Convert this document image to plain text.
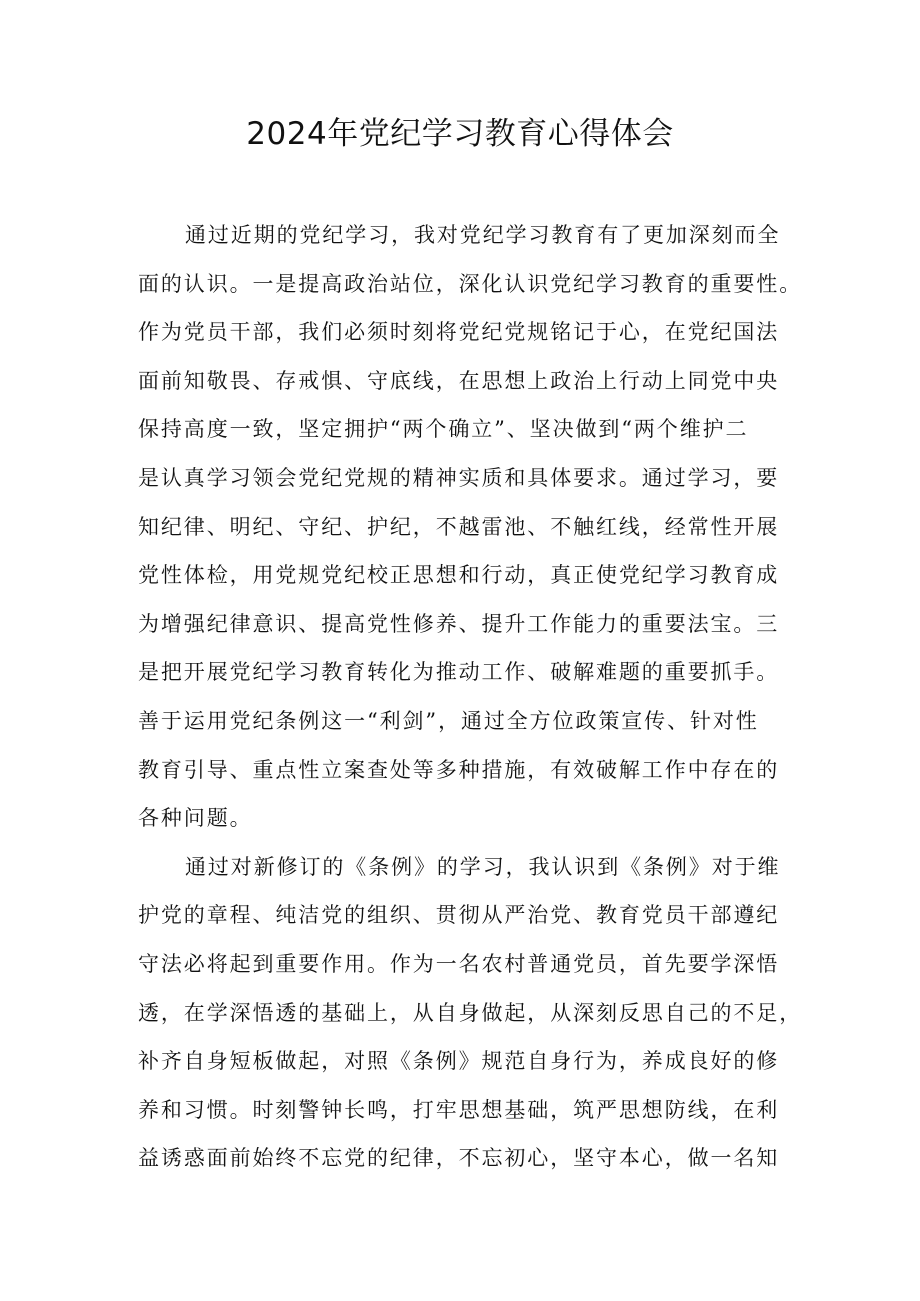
2024年党纪学习教育心得体会
通过近期的党纪学习，我对党纪学习教育有了更加深刻而全
面的认识。一是提高政治站位，深化认识党纪学习教育的重要性。
作为党员干部，我们必须时刻将党纪党规铭记于心，在党纪国法
面前知敬畏、存戒惧、守底线，在思想上政治上行动上同党中央
保持高度一致，坚定拥护“两个确立”、坚决做到“两个维护二
是认真学习领会党纪党规的精神实质和具体要求。通过学习，要
知纪律、明纪、守纪、护纪，不越雷池、不触红线，经常性开展
党性体检，用党规党纪校正思想和行动，真正使党纪学习教育成
为增强纪律意识、提高党性修养、提升工作能力的重要法宝。三
是把开展党纪学习教育转化为推动工作、破解难题的重要抓手。
善于运用党纪条例这一“利剑”，通过全方位政策宣传、针对性
教育引导、重点性立案查处等多种措施，有效破解工作中存在的
各种问题。
通过对新修订的《条例》的学习，我认识到《条例》对于维
护党的章程、纯洁党的组织、贯彻从严治党、教育党员干部遵纪
守法必将起到重要作用。作为一名农村普通党员，首先要学深悟
透，在学深悟透的基础上，从自身做起，从深刻反思自己的不足，
补齐自身短板做起，对照《条例》规范自身行为，养成良好的修
养和习惯。时刻警钟长鸣，打牢思想基础，筑严思想防线，在利
益诱惑面前始终不忘党的纪律，不忘初心，坚守本心，做一名知
